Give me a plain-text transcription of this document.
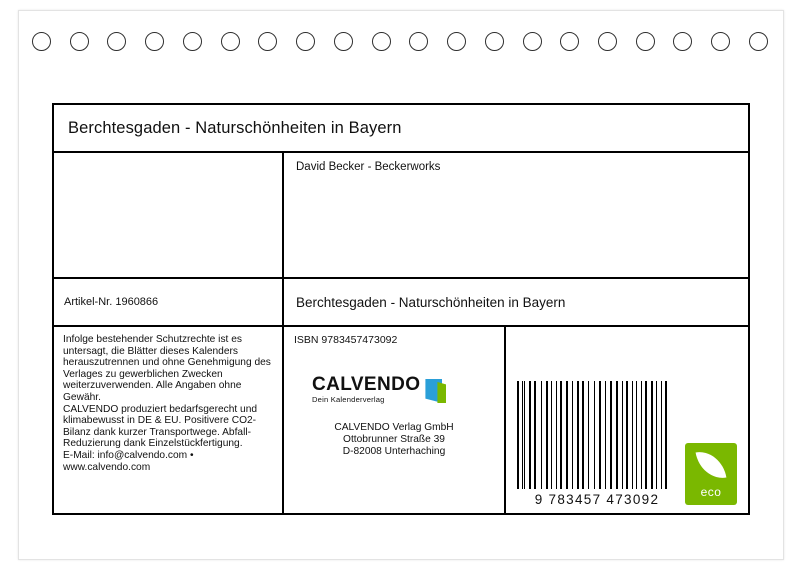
Berchtesgaden - Naturschönheiten in Bayern
David Becker - Beckerworks
Artikel-Nr. 1960866	Berchtesgaden - Naturschönheiten in Bayern

Infolge bestehender Schutzrechte ist es untersagt, die Blätter dieses Kalenders herauszutrennen und ohne Genehmigung des Verlages zu gewerblichen Zwecken weiterzuverwenden. Alle Angaben ohne Gewähr.

CALVENDO produziert bedarfsgerecht und klimabewusst in DE & EU. Positivere CO2-Bilanz dank kurzer Transportwege. Abfall-Reduzierung dank Einzelstückfertigung.

E-Mail: info@calvendo.com •

www.calvendo.com

ISBN 9783457473092
CALVENDO
Dein Kalenderverlag
CALVENDO Verlag GmbH
Ottobrunner Straße 39
D-82008 Unterhaching
9 783457 473092	eco
